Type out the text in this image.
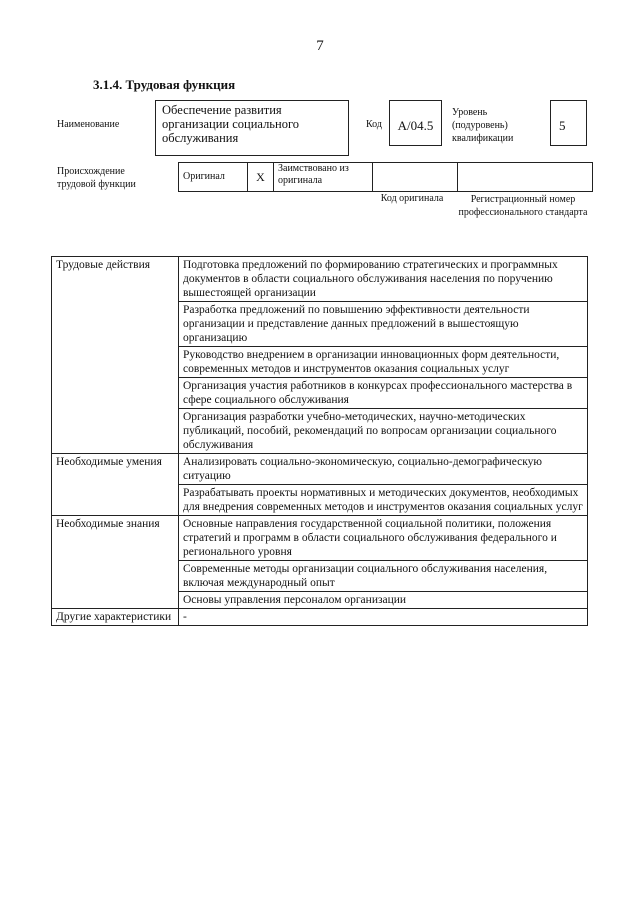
7
3.1.4. Трудовая функция
Наименование
Обеспечение развития организации социального обслуживания
Код	А/04.5
Уровень (подуровень) квалификации
5
Происхождение трудовой функции
Оригинал	X	Заимствовано из оригинала		
Код оригинала	Регистрационный номер профессионального стандарта
Трудовые действия	Подготовка предложений по формированию стратегических и программных документов в области социального обслуживания населения по поручению вышестоящей организации
	Разработка предложений по повышению эффективности деятельности организации и представление данных предложений в вышестоящую организацию
	Руководство внедрением в организации инновационных форм деятельности, современных методов и инструментов оказания социальных услуг
	Организация участия работников в конкурсах профессионального мастерства в сфере социального обслуживания
	Организация разработки учебно-методических, научно-методических публикаций, пособий, рекомендаций по вопросам организации социального обслуживания
Необходимые умения	Анализировать социально-экономическую, социально-демографическую ситуацию
	Разрабатывать проекты нормативных и методических документов, необходимых для внедрения современных методов и инструментов оказания социальных услуг
Необходимые знания	Основные направления государственной социальной политики, положения стратегий и программ в области социального обслуживания федерального и регионального уровня
	Современные методы организации социального обслуживания населения, включая международный опыт
	Основы управления персоналом организации
Другие характеристики	-
